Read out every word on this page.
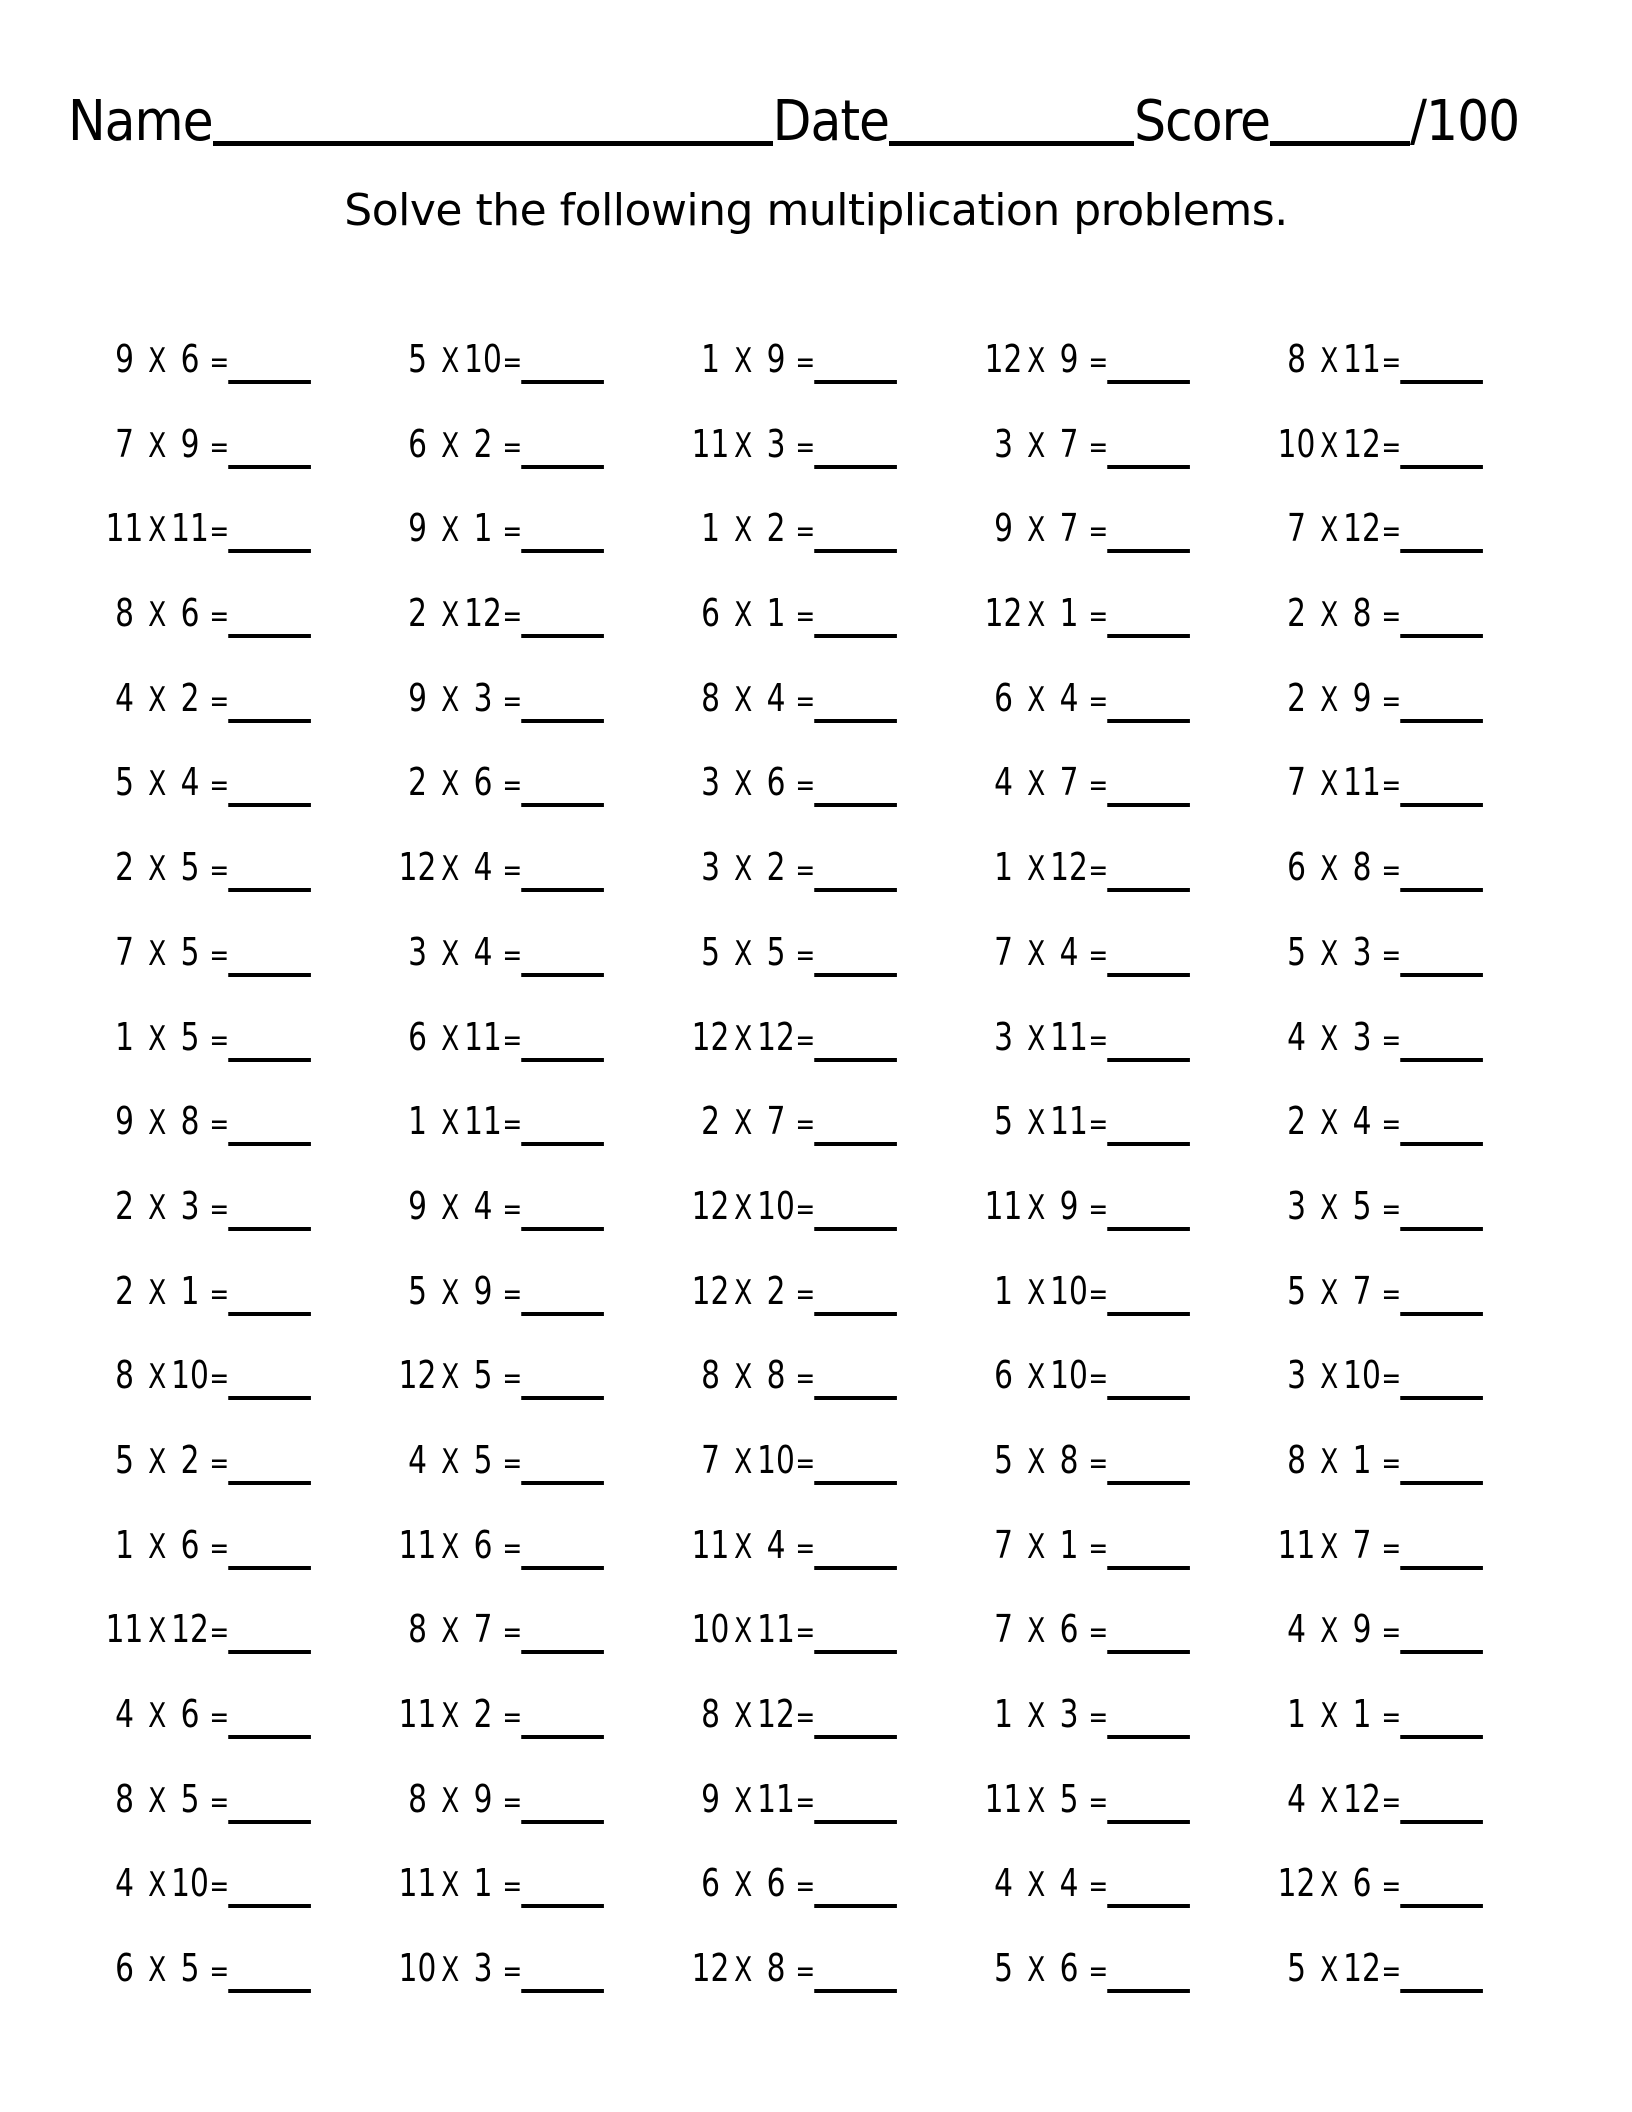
Name	Date	Score	/100
Solve the following multiplication problems.
9 X 6 =	5 X 10 =	1 X 9 =	12 X 9 =	8 X 11 =
7 X 9 =	6 X 2 =	11 X 3 =	3 X 7 =	10 X 12 =
11 X 11 =	9 X 1 =	1 X 2 =	9 X 7 =	7 X 12 =
8 X 6 =	2 X 12 =	6 X 1 =	12 X 1 =	2 X 8 =
4 X 2 =	9 X 3 =	8 X 4 =	6 X 4 =	2 X 9 =
5 X 4 =	2 X 6 =	3 X 6 =	4 X 7 =	7 X 11 =
2 X 5 =	12 X 4 =	3 X 2 =	1 X 12 =	6 X 8 =
7 X 5 =	3 X 4 =	5 X 5 =	7 X 4 =	5 X 3 =
1 X 5 =	6 X 11 =	12 X 12 =	3 X 11 =	4 X 3 =
9 X 8 =	1 X 11 =	2 X 7 =	5 X 11 =	2 X 4 =
2 X 3 =	9 X 4 =	12 X 10 =	11 X 9 =	3 X 5 =
2 X 1 =	5 X 9 =	12 X 2 =	1 X 10 =	5 X 7 =
8 X 10 =	12 X 5 =	8 X 8 =	6 X 10 =	3 X 10 =
5 X 2 =	4 X 5 =	7 X 10 =	5 X 8 =	8 X 1 =
1 X 6 =	11 X 6 =	11 X 4 =	7 X 1 =	11 X 7 =
11 X 12 =	8 X 7 =	10 X 11 =	7 X 6 =	4 X 9 =
4 X 6 =	11 X 2 =	8 X 12 =	1 X 3 =	1 X 1 =
8 X 5 =	8 X 9 =	9 X 11 =	11 X 5 =	4 X 12 =
4 X 10 =	11 X 1 =	6 X 6 =	4 X 4 =	12 X 6 =
6 X 5 =	10 X 3 =	12 X 8 =	5 X 6 =	5 X 12 =
